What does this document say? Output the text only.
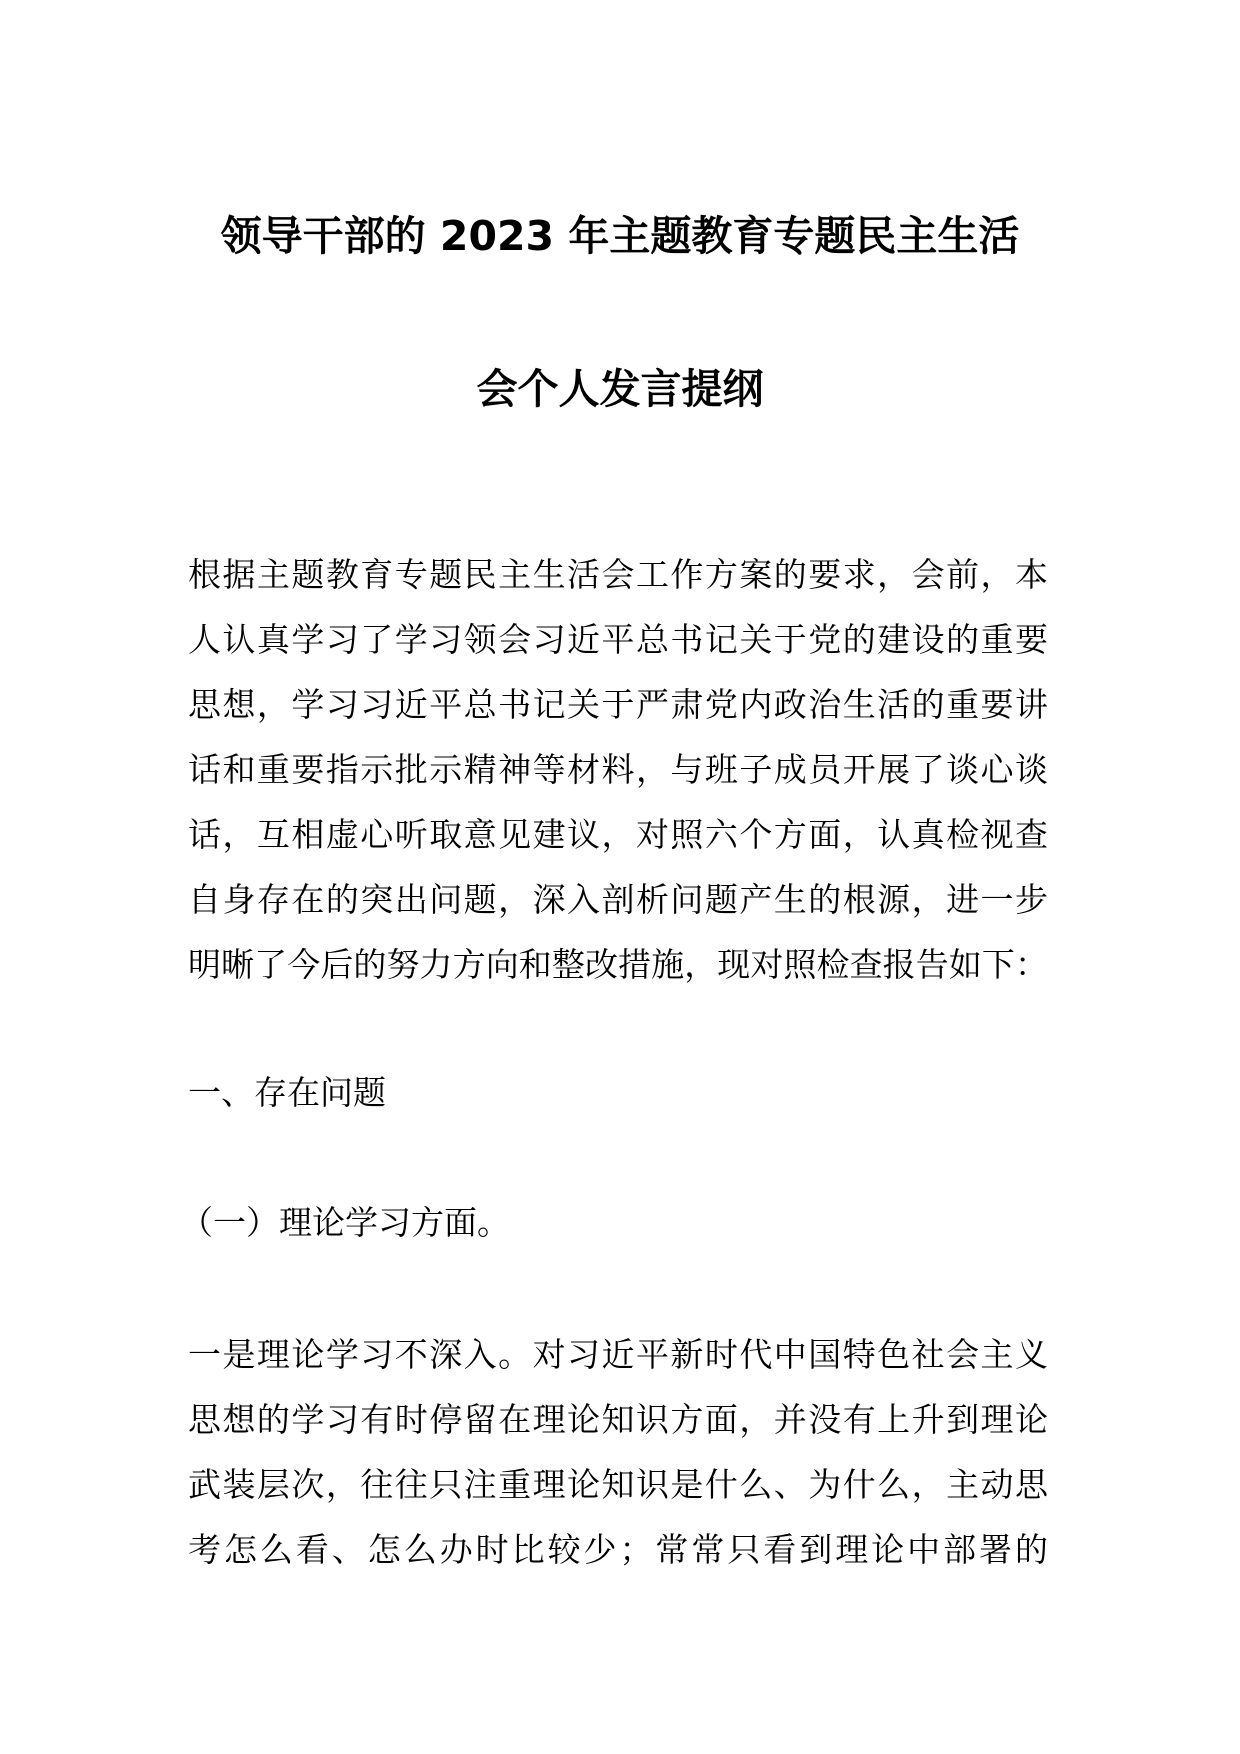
领导干部的 2023 年主题教育专题民主生活
会个人发言提纲
根据主题教育专题民主生活会工作方案的要求，会前，本
人认真学习了学习领会习近平总书记关于党的建设的重要
思想，学习习近平总书记关于严肃党内政治生活的重要讲
话和重要指示批示精神等材料，与班子成员开展了谈心谈
话，互相虚心听取意见建议，对照六个方面，认真检视查
自身存在的突出问题，深入剖析问题产生的根源，进一步
明晰了今后的努力方向和整改措施，现对照检查报告如下：
一、存在问题
（一）理论学习方面。
一是理论学习不深入。对习近平新时代中国特色社会主义
思想的学习有时停留在理论知识方面，并没有上升到理论
武装层次，往往只注重理论知识是什么、为什么，主动思
考怎么看、怎么办时比较少；常常只看到理论中部署的
